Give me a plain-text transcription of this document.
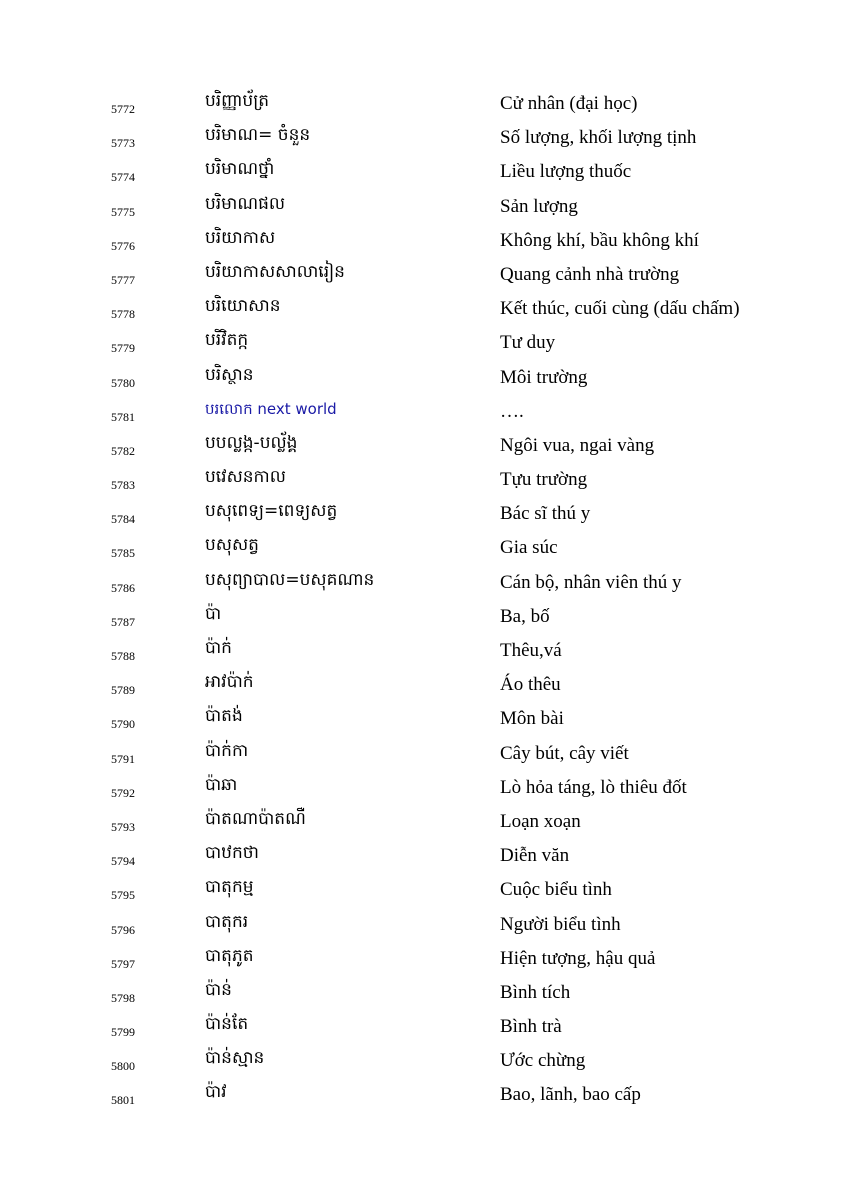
5772	បរិញ្ញាប័ត្រ	Cử nhân (đại học)
5773	បរិមាណ= ចំនួន	Số lượng, khối lượng tịnh
5774	បរិមាណថ្នាំ	Liều lượng thuốc
5775	បរិមាណផល	Sản lượng
5776	បរិយាកាស	Không khí, bầu không khí
5777	បរិយាកាសសាលារៀន	Quang cảnh nhà trường
5778	បរិយោសាន	Kết thúc, cuối cùng (dấu chấm)
5779	បរិវិតក្ក	Tư duy
5780	បរិស្ថាន	Môi trường
5781	បរលោក next world	….
5782	បបល្លង្ក-បល្ល័ង្គ	Ngôi vua, ngai vàng
5783	បវេសនកាល	Tựu trường
5784	បសុពេទ្យ=ពេទ្យសត្វ	Bác sĩ thú y
5785	បសុសត្វ	Gia súc
5786	បសុព្យាបាល=បសុគណាន	Cán bộ, nhân viên thú y
5787	ប៉ា	Ba, bố
5788	ប៉ាក់	Thêu,vá
5789	អាវប៉ាក់	Áo thêu
5790	ប៉ាតង់	Môn bài
5791	ប៉ាក់កា	Cây bút, cây viết
5792	ប៉ាឆា	Lò hỏa táng, lò thiêu đốt
5793	ប៉ាតណាប៉ាតណឺ	Loạn xoạn
5794	បាឋកថា	Diễn văn
5795	បាតុកម្ម	Cuộc biểu tình
5796	បាតុករ	Người biểu tình
5797	បាតុភូត	Hiện tượng, hậu quả
5798	ប៉ាន់	Bình tích
5799	ប៉ាន់តែ	Bình trà
5800	ប៉ាន់ស្មាន	Ước chừng
5801	ប៉ាវ	Bao, lãnh, bao cấp
